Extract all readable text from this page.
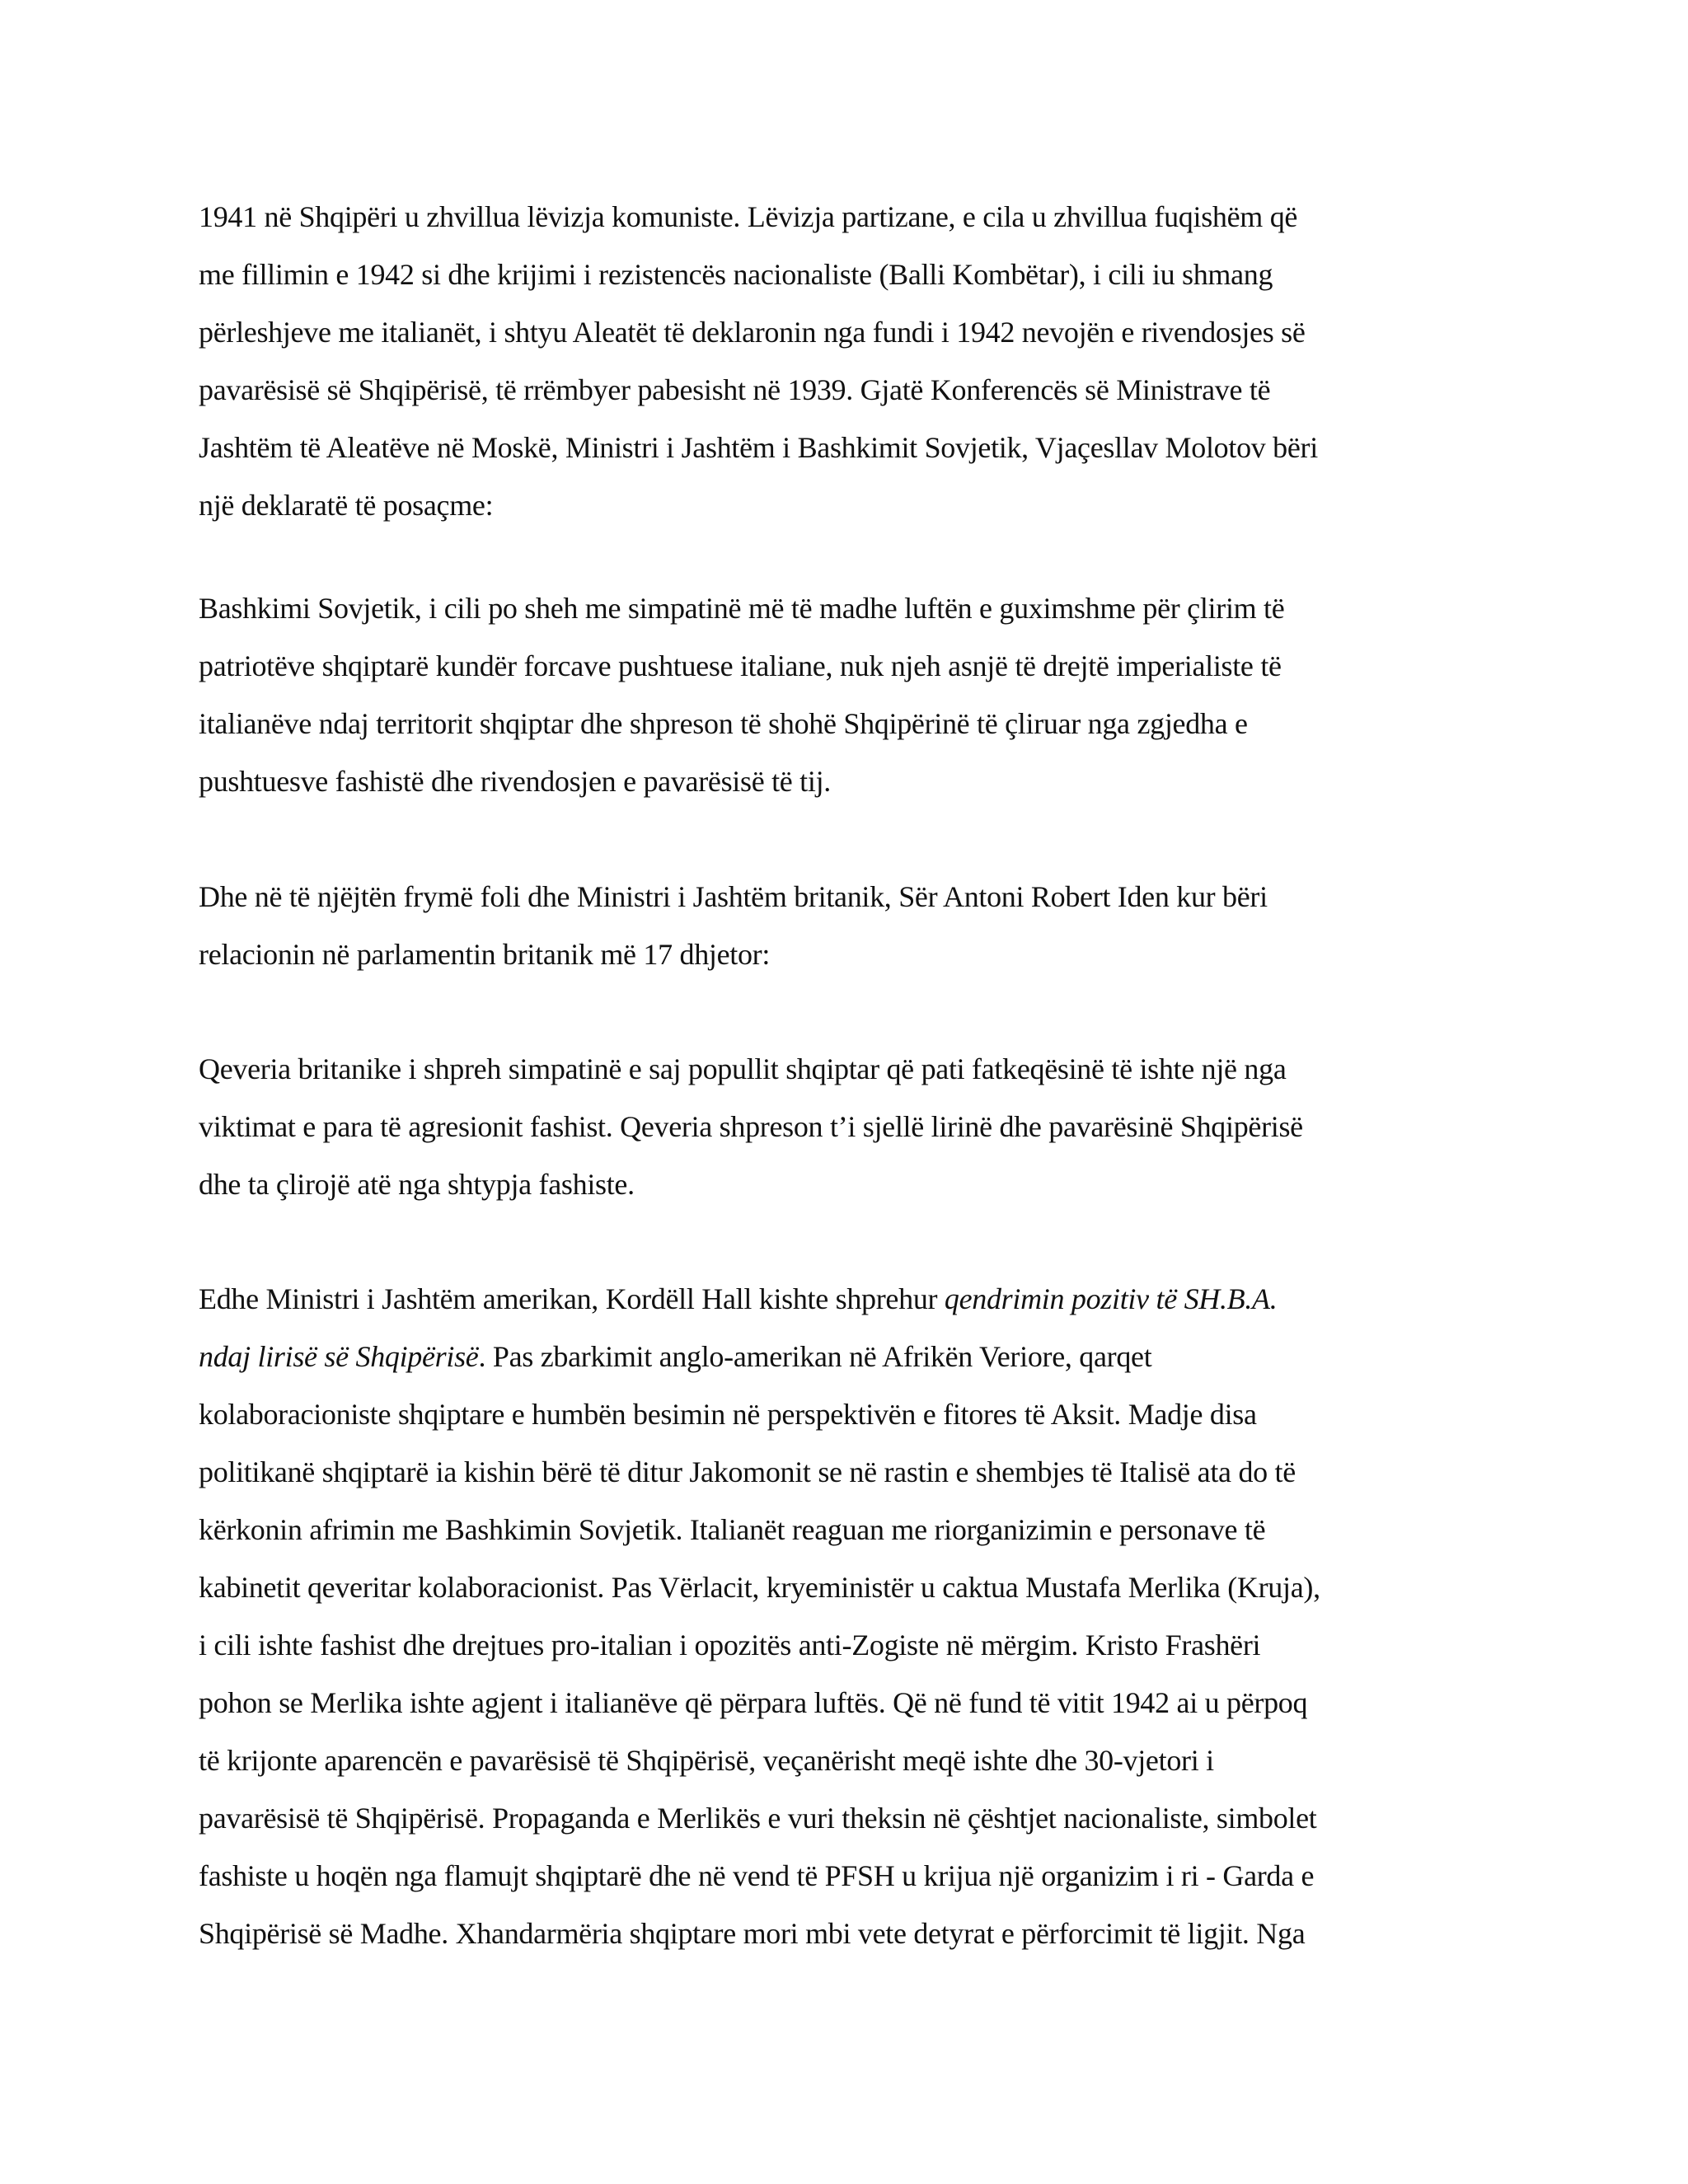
1941 në Shqipëri u zhvillua lëvizja komuniste. Lëvizja partizane, e cila u zhvillua fuqishëm që
me fillimin e 1942 si dhe krijimi i rezistencës nacionaliste (Balli Kombëtar), i cili iu shmang
përleshjeve me italianët, i shtyu Aleatët të deklaronin nga fundi i 1942 nevojën e rivendosjes së
pavarësisë së Shqipërisë, të rrëmbyer pabesisht në 1939. Gjatë Konferencës së Ministrave të
Jashtëm të Aleatëve në Moskë, Ministri i Jashtëm i Bashkimit Sovjetik, Vjaçesllav Molotov bëri
një deklaratë të posaçme:
Bashkimi Sovjetik, i cili po sheh me simpatinë më të madhe luftën e guximshme për çlirim të
patriotëve shqiptarë kundër forcave pushtuese italiane, nuk njeh asnjë të drejtë imperialiste të
italianëve ndaj territorit shqiptar dhe shpreson të shohë Shqipërinë të çliruar nga zgjedha e
pushtuesve fashistë dhe rivendosjen e pavarësisë të tij.
Dhe në të njëjtën frymë foli dhe Ministri i Jashtëm britanik, Sër Antoni Robert Iden kur bëri
relacionin në parlamentin britanik më 17 dhjetor:
Qeveria britanike i shpreh simpatinë e saj popullit shqiptar që pati fatkeqësinë të ishte një nga
viktimat e para të agresionit fashist. Qeveria shpreson t’i sjellë lirinë dhe pavarësinë Shqipërisë
dhe ta çlirojë atë nga shtypja fashiste.
Edhe Ministri i Jashtëm amerikan, Kordëll Hall kishte shprehur qendrimin pozitiv të SH.B.A.
ndaj lirisë së Shqipërisë. Pas zbarkimit anglo-amerikan në Afrikën Veriore, qarqet
kolaboracioniste shqiptare e humbën besimin në perspektivën e fitores të Aksit. Madje disa
politikanë shqiptarë ia kishin bërë të ditur Jakomonit se në rastin e shembjes të Italisë ata do të
kërkonin afrimin me Bashkimin Sovjetik. Italianët reaguan me riorganizimin e personave të
kabinetit qeveritar kolaboracionist. Pas Vërlacit, kryeministër u caktua Mustafa Merlika (Kruja),
i cili ishte fashist dhe drejtues pro-italian i opozitës anti-Zogiste në mërgim. Kristo Frashëri
pohon se Merlika ishte agjent i italianëve që përpara luftës. Që në fund të vitit 1942 ai u përpoq
të krijonte aparencën e pavarësisë të Shqipërisë, veçanërisht meqë ishte dhe 30-vjetori i
pavarësisë të Shqipërisë. Propaganda e Merlikës e vuri theksin në çështjet nacionaliste, simbolet
fashiste u hoqën nga flamujt shqiptarë dhe në vend të PFSH u krijua një organizim i ri - Garda e
Shqipërisë së Madhe. Xhandarmëria shqiptare mori mbi vete detyrat e përforcimit të ligjit. Nga
